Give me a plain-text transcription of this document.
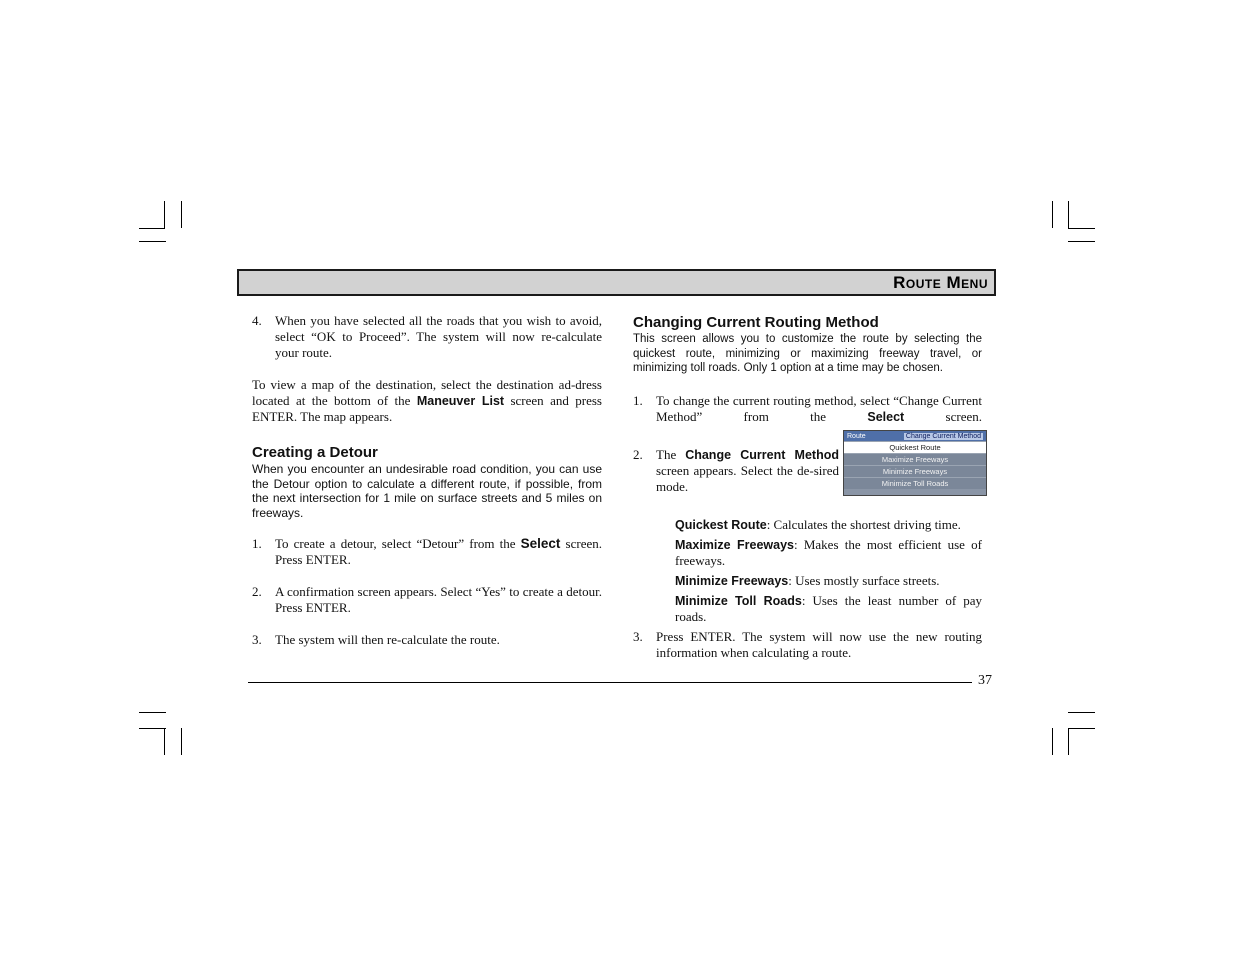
Route Menu
4.	When you have selected all the roads that you wish to avoid, select “OK to Proceed”. The system will now re-calculate your route.

To view a map of the destination, select the destination ad-dress located at the bottom of the Maneuver List screen and press ENTER. The map appears.

Creating a Detour

When you encounter an undesirable road condition, you can use the Detour option to calculate a different route, if possible, from the next intersection for 1 mile on surface streets and 5 miles on freeways.

1.	To create a detour, select “Detour” from the Select screen. Press ENTER.
2.	A confirmation screen appears. Select “Yes” to create a detour. Press ENTER.
3.	The system will then re-calculate the route.
Changing Current Routing Method

This screen allows you to customize the route by selecting the quickest route, minimizing or maximizing freeway travel, or minimizing toll roads. Only 1 option at a time may be chosen.

1.	To change the current routing method, select “Change Current Method” from the Select screen.
2.	The Change Current Method screen appears. Select the de-sired mode.

Quickest Route: Calculates the shortest driving time.

Maximize Freeways: Makes the most efficient use of freeways.

Minimize Freeways: Uses mostly surface streets.

Minimize Toll Roads: Uses the least number of pay roads.

3.	Press ENTER. The system will now use the new routing information when calculating a route.
Route	Change Current Method
Quickest Route
Maximize Freeways
Minimize Freeways
Minimize Toll Roads
37
